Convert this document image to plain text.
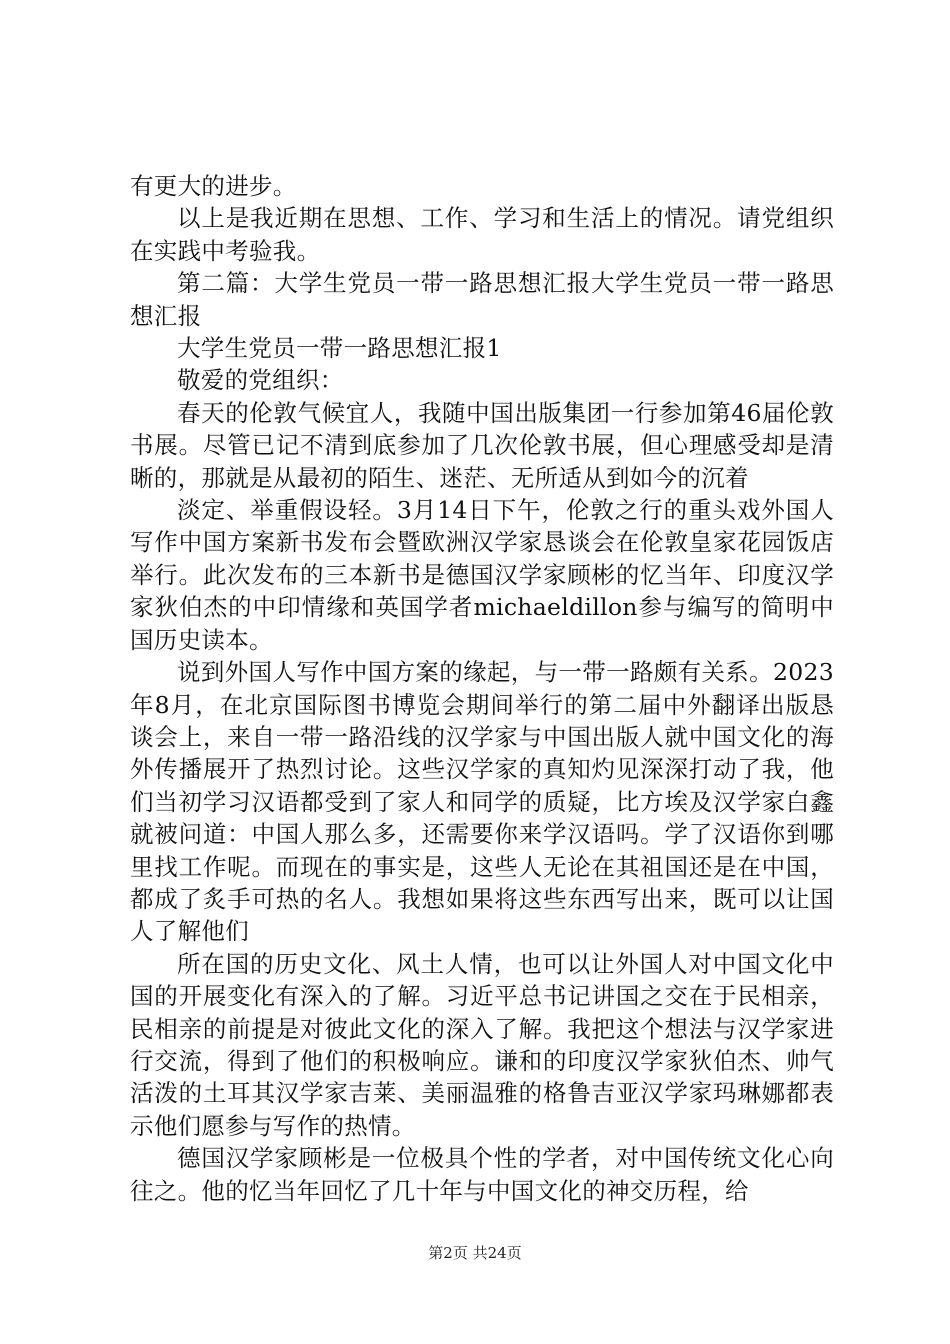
有更大的进步。

以上是我近期在思想、工作、学习和生活上的情况。请党组织在实践中考验我。

第二篇：大学生党员一带一路思想汇报大学生党员一带一路思想汇报

大学生党员一带一路思想汇报1

敬爱的党组织：

春天的伦敦气候宜人，我随中国出版集团一行参加第46届伦敦书展。尽管已记不清到底参加了几次伦敦书展，但心理感受却是清晰的，那就是从最初的陌生、迷茫、无所适从到如今的沉着

淡定、举重假设轻。3月14日下午，伦敦之行的重头戏外国人写作中国方案新书发布会暨欧洲汉学家恳谈会在伦敦皇家花园饭店举行。此次发布的三本新书是德国汉学家顾彬的忆当年、印度汉学家狄伯杰的中印情缘和英国学者michaeldillon参与编写的简明中国历史读本。

说到外国人写作中国方案的缘起，与一带一路颇有关系。2023年8月，在北京国际图书博览会期间举行的第二届中外翻译出版恳谈会上，来自一带一路沿线的汉学家与中国出版人就中国文化的海外传播展开了热烈讨论。这些汉学家的真知灼见深深打动了我，他们当初学习汉语都受到了家人和同学的质疑，比方埃及汉学家白鑫就被问道：中国人那么多，还需要你来学汉语吗。学了汉语你到哪里找工作呢。而现在的事实是，这些人无论在其祖国还是在中国，都成了炙手可热的名人。我想如果将这些东西写出来，既可以让国人了解他们

所在国的历史文化、风土人情，也可以让外国人对中国文化中国的开展变化有深入的了解。习近平总书记讲国之交在于民相亲，民相亲的前提是对彼此文化的深入了解。我把这个想法与汉学家进行交流，得到了他们的积极响应。谦和的印度汉学家狄伯杰、帅气活泼的土耳其汉学家吉莱、美丽温雅的格鲁吉亚汉学家玛琳娜都表示他们愿参与写作的热情。

德国汉学家顾彬是一位极具个性的学者，对中国传统文化心向往之。他的忆当年回忆了几十年与中国文化的神交历程，给

第2页 共24页
